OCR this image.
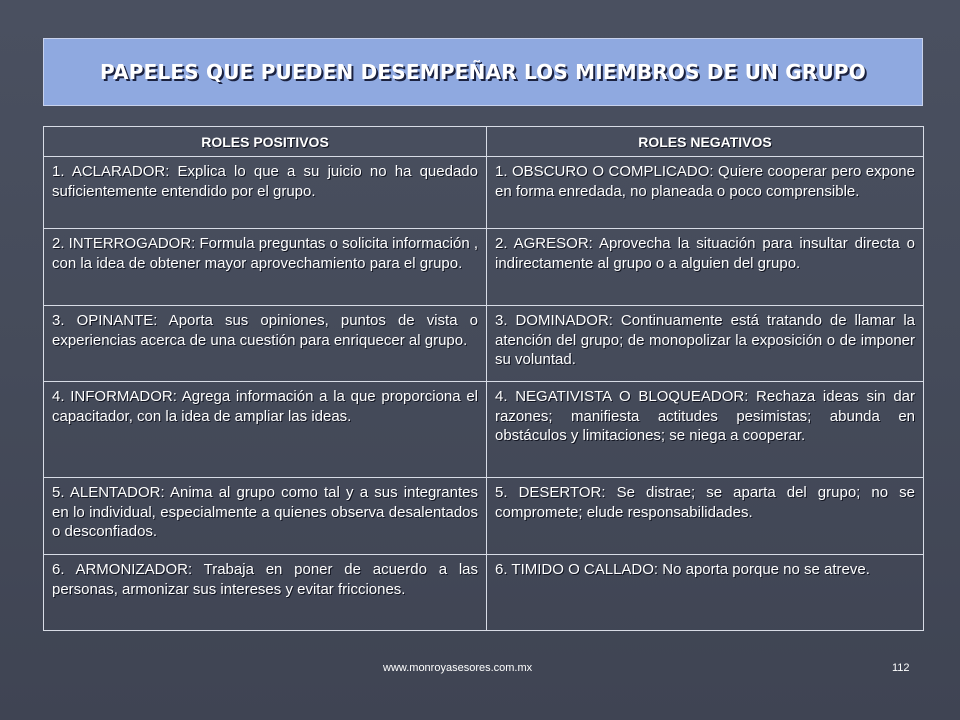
PAPELES QUE PUEDEN DESEMPEÑAR LOS MIEMBROS DE UN GRUPO
ROLES POSITIVOS	ROLES NEGATIVOS
1. ACLARADOR: Explica lo que a su juicio no ha quedado suficientemente entendido por el grupo.	1. OBSCURO O COMPLICADO: Quiere cooperar pero expone en forma enredada, no planeada o poco comprensible.
2. INTERROGADOR: Formula preguntas o solicita información , con la idea de obtener mayor aprovechamiento para el grupo.	2. AGRESOR: Aprovecha la situación para insultar directa o indirectamente al grupo o a alguien del grupo.
3. OPINANTE: Aporta sus opiniones, puntos de vista o experiencias acerca de una cuestión para enriquecer al grupo.	3. DOMINADOR: Continuamente está tratando de llamar la atención del grupo; de monopolizar la exposición o de imponer su voluntad.
4. INFORMADOR: Agrega información a la que proporciona el capacitador, con la idea de ampliar las ideas.	4. NEGATIVISTA O BLOQUEADOR: Rechaza ideas sin dar razones; manifiesta actitudes pesimistas; abunda en obstáculos y limitaciones; se niega a cooperar.
5. ALENTADOR: Anima al grupo como tal y a sus integrantes en lo individual, especialmente a quienes observa desalentados o desconfiados.	5. DESERTOR: Se distrae; se aparta del grupo; no se compromete; elude responsabilidades.
6. ARMONIZADOR: Trabaja en poner de acuerdo a las personas, armonizar sus intereses y evitar fricciones.	6. TIMIDO O CALLADO: No aporta porque no se atreve.
www.monroyasesores.com.mx	112
